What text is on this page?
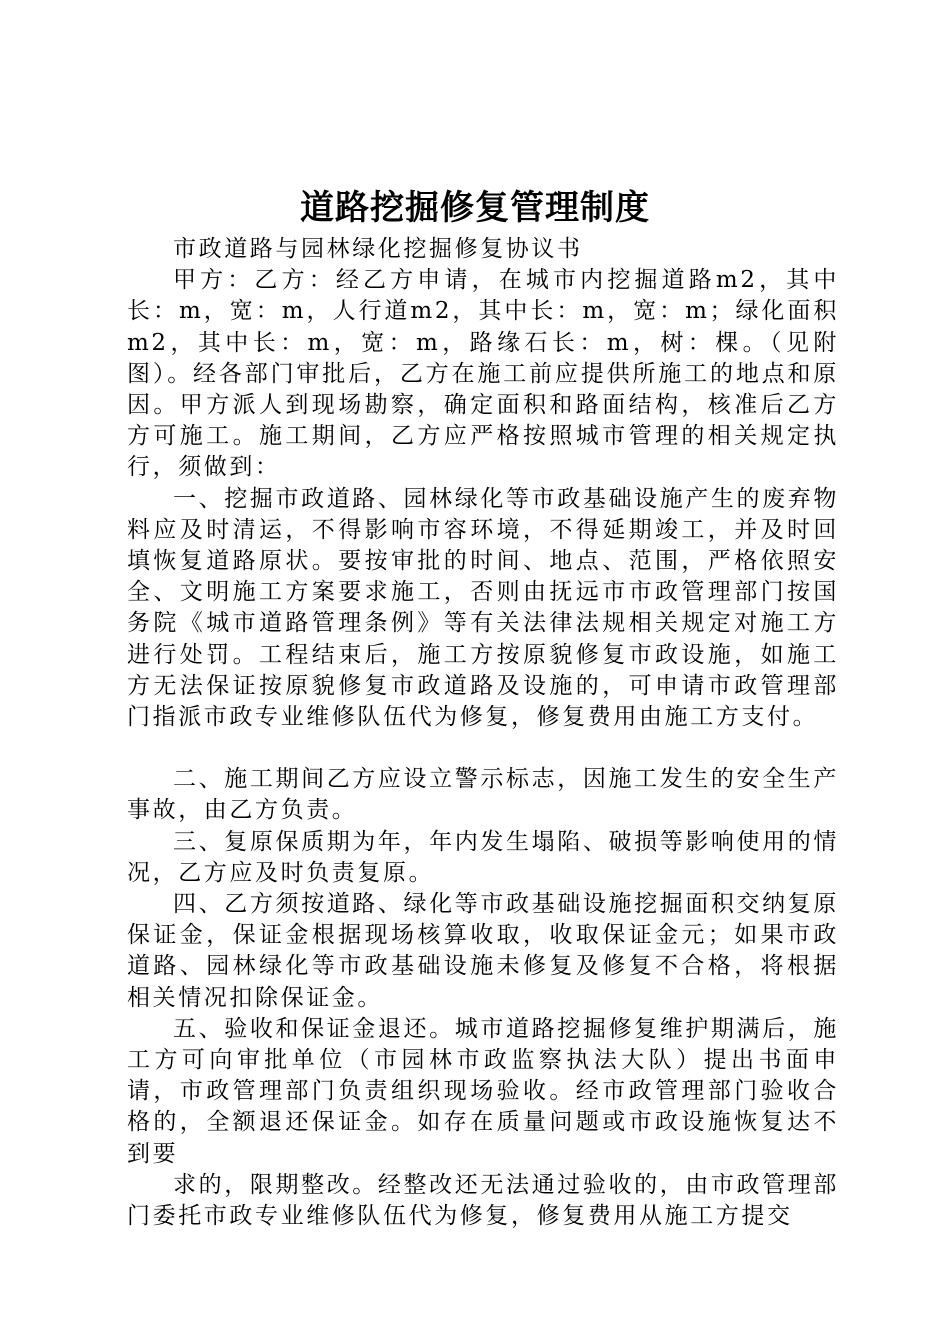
道路挖掘修复管理制度

市政道路与园林绿化挖掘修复协议书

甲方：乙方：经乙方申请，在城市内挖掘道路m2，其中长：m，宽：m，人行道m2，其中长：m，宽：m；绿化面积m2，其中长：m，宽：m，路缘石长：m，树：棵。（见附图）。经各部门审批后，乙方在施工前应提供所施工的地点和原因。甲方派人到现场勘察，确定面积和路面结构，核准后乙方方可施工。施工期间，乙方应严格按照城市管理的相关规定执行，须做到：

一、挖掘市政道路、园林绿化等市政基础设施产生的废弃物料应及时清运，不得影响市容环境，不得延期竣工，并及时回填恢复道路原状。要按审批的时间、地点、范围，严格依照安全、文明施工方案要求施工，否则由抚远市市政管理部门按国务院《城市道路管理条例》等有关法律法规相关规定对施工方进行处罚。工程结束后，施工方按原貌修复市政设施，如施工方无法保证按原貌修复市政道路及设施的，可申请市政管理部门指派市政专业维修队伍代为修复，修复费用由施工方支付。

二、施工期间乙方应设立警示标志，因施工发生的安全生产事故，由乙方负责。

三、复原保质期为年，年内发生塌陷、破损等影响使用的情况，乙方应及时负责复原。

四、乙方须按道路、绿化等市政基础设施挖掘面积交纳复原保证金，保证金根据现场核算收取，收取保证金元；如果市政道路、园林绿化等市政基础设施未修复及修复不合格，将根据相关情况扣除保证金。

五、验收和保证金退还。城市道路挖掘修复维护期满后，施工方可向审批单位（市园林市政监察执法大队）提出书面申请，市政管理部门负责组织现场验收。经市政管理部门验收合格的，全额退还保证金。如存在质量问题或市政设施恢复达不到要

求的，限期整改。经整改还无法通过验收的，由市政管理部门委托市政专业维修队伍代为修复，修复费用从施工方提交
